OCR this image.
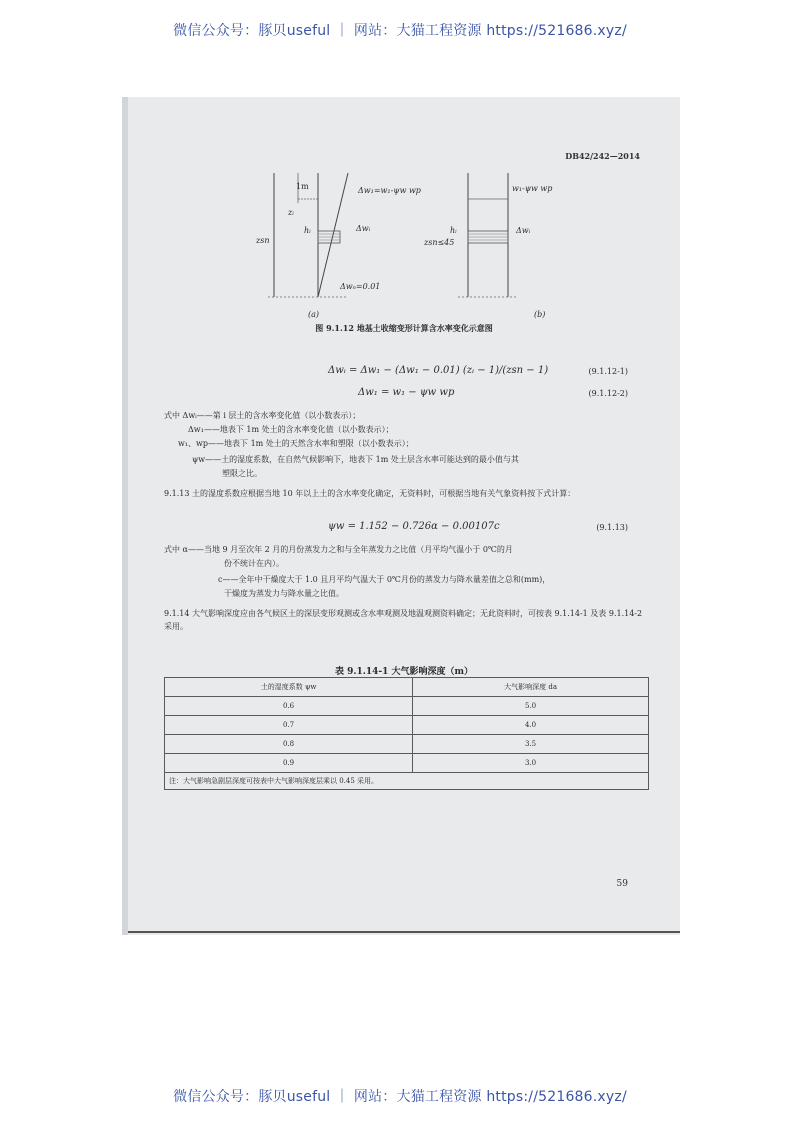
微信公众号：豚贝useful ｜ 网站：大猫工程资源 https://521686.xyz/
DB42/242—2014
1m
zᵢ
hᵢ
zsn
Δw₁=w₁-ψw wp
Δwᵢ
Δwₙ=0.01
(a)
w₁-ψw wp
Δwᵢ
zsn≤45
hᵢ
(b)
图 9.1.12 地基土收缩变形计算含水率变化示意图
Δwᵢ = Δw₁ − (Δw₁ − 0.01) (zᵢ − 1)/(zsn − 1)	(9.1.12-1)
Δw₁ = w₁ − ψw wp	(9.1.12-2)
式中 Δwᵢ——第 i 层土的含水率变化值（以小数表示）；
Δw₁——地表下 1m 处土的含水率变化值（以小数表示）；
w₁、wp——地表下 1m 处土的天然含水率和塑限（以小数表示）；
ψw——土的湿度系数，在自然气候影响下，地表下 1m 处土层含水率可能达到的最小值与其
塑限之比。
9.1.13 土的湿度系数应根据当地 10 年以上土的含水率变化确定，无资料时，可根据当地有关气象资料按下式计算：
ψw = 1.152 − 0.726α − 0.00107c	(9.1.13)
式中 α——当地 9 月至次年 2 月的月份蒸发力之和与全年蒸发力之比值（月平均气温小于 0℃的月
份不统计在内）。
c——全年中干燥度大于 1.0 且月平均气温大于 0℃月份的蒸发力与降水量差值之总和(mm)，
干燥度为蒸发力与降水量之比值。
9.1.14 大气影响深度应由各气候区土的深层变形观测或含水率观测及地温观测资料确定；无此资料时，可按表 9.1.14-1 及表 9.1.14-2 采用。
表 9.1.14-1 大气影响深度（m）
土的湿度系数 ψw	大气影响深度 da
0.6	5.0
0.7	4.0
0.8	3.5
0.9	3.0
注：大气影响急剧层深度可按表中大气影响深度层乘以 0.45 采用。	
59
微信公众号：豚贝useful ｜ 网站：大猫工程资源 https://521686.xyz/
